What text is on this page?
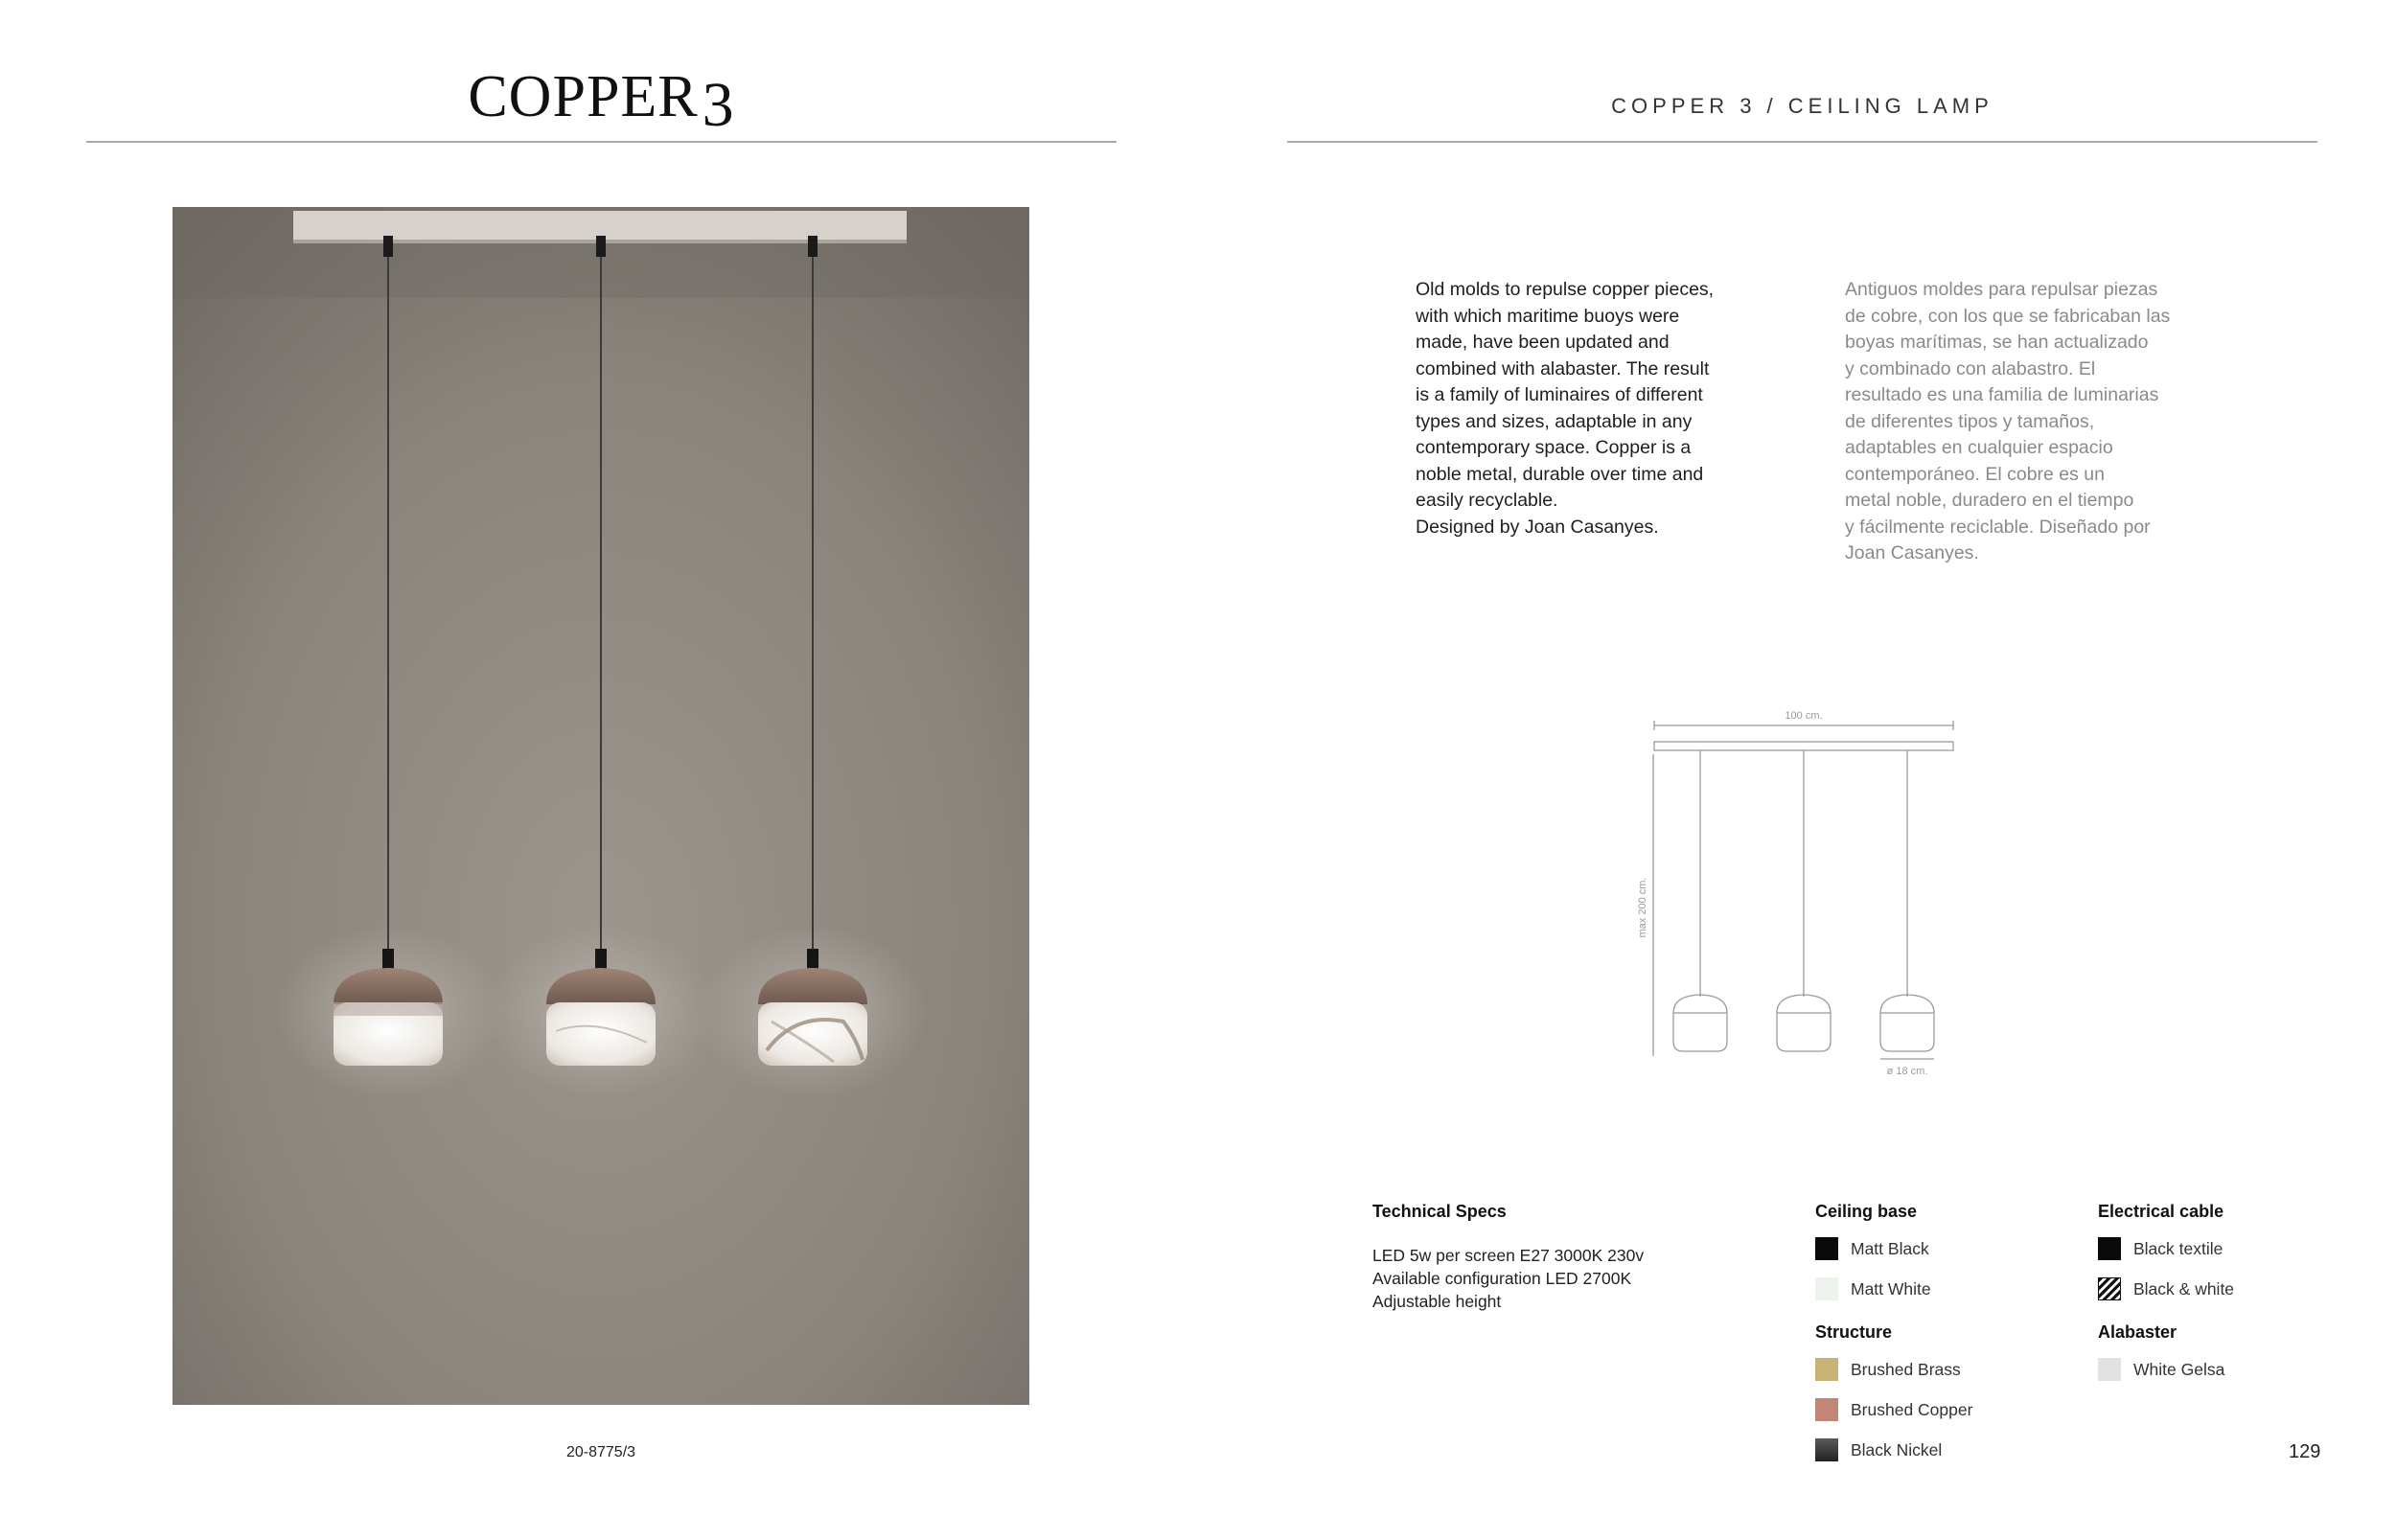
COPPER3
20-8775/3
COPPER 3 / CEILING LAMP

Old molds to repulse copper pieces,

with which maritime buoys were

made, have been updated and

combined with alabaster. The result

is a family of luminaires of different

types and sizes, adaptable in any

contemporary space. Copper is a

noble metal, durable over time and

easily recyclable.

Designed by Joan Casanyes.

Antiguos moldes para repulsar piezas

de cobre, con los que se fabricaban las

boyas marítimas, se han actualizado

y combinado con alabastro. El

resultado es una familia de luminarias

de diferentes tipos y tamaños,

adaptables en cualquier espacio

contemporáneo. El cobre es un

metal noble, duradero en el tiempo

y fácilmente reciclable. Diseñado por

Joan Casanyes.

100 cm.
max 200 cm.
ø 18 cm.
Technical Specs
LED 5w per screen E27 3000K 230v
Available configuration LED 2700K
Adjustable height
Ceiling base
Matt Black
Matt White
Structure
Brushed Brass
Brushed Copper
Black Nickel
Electrical cable
Black textile
Black & white
Alabaster
White Gelsa
129
